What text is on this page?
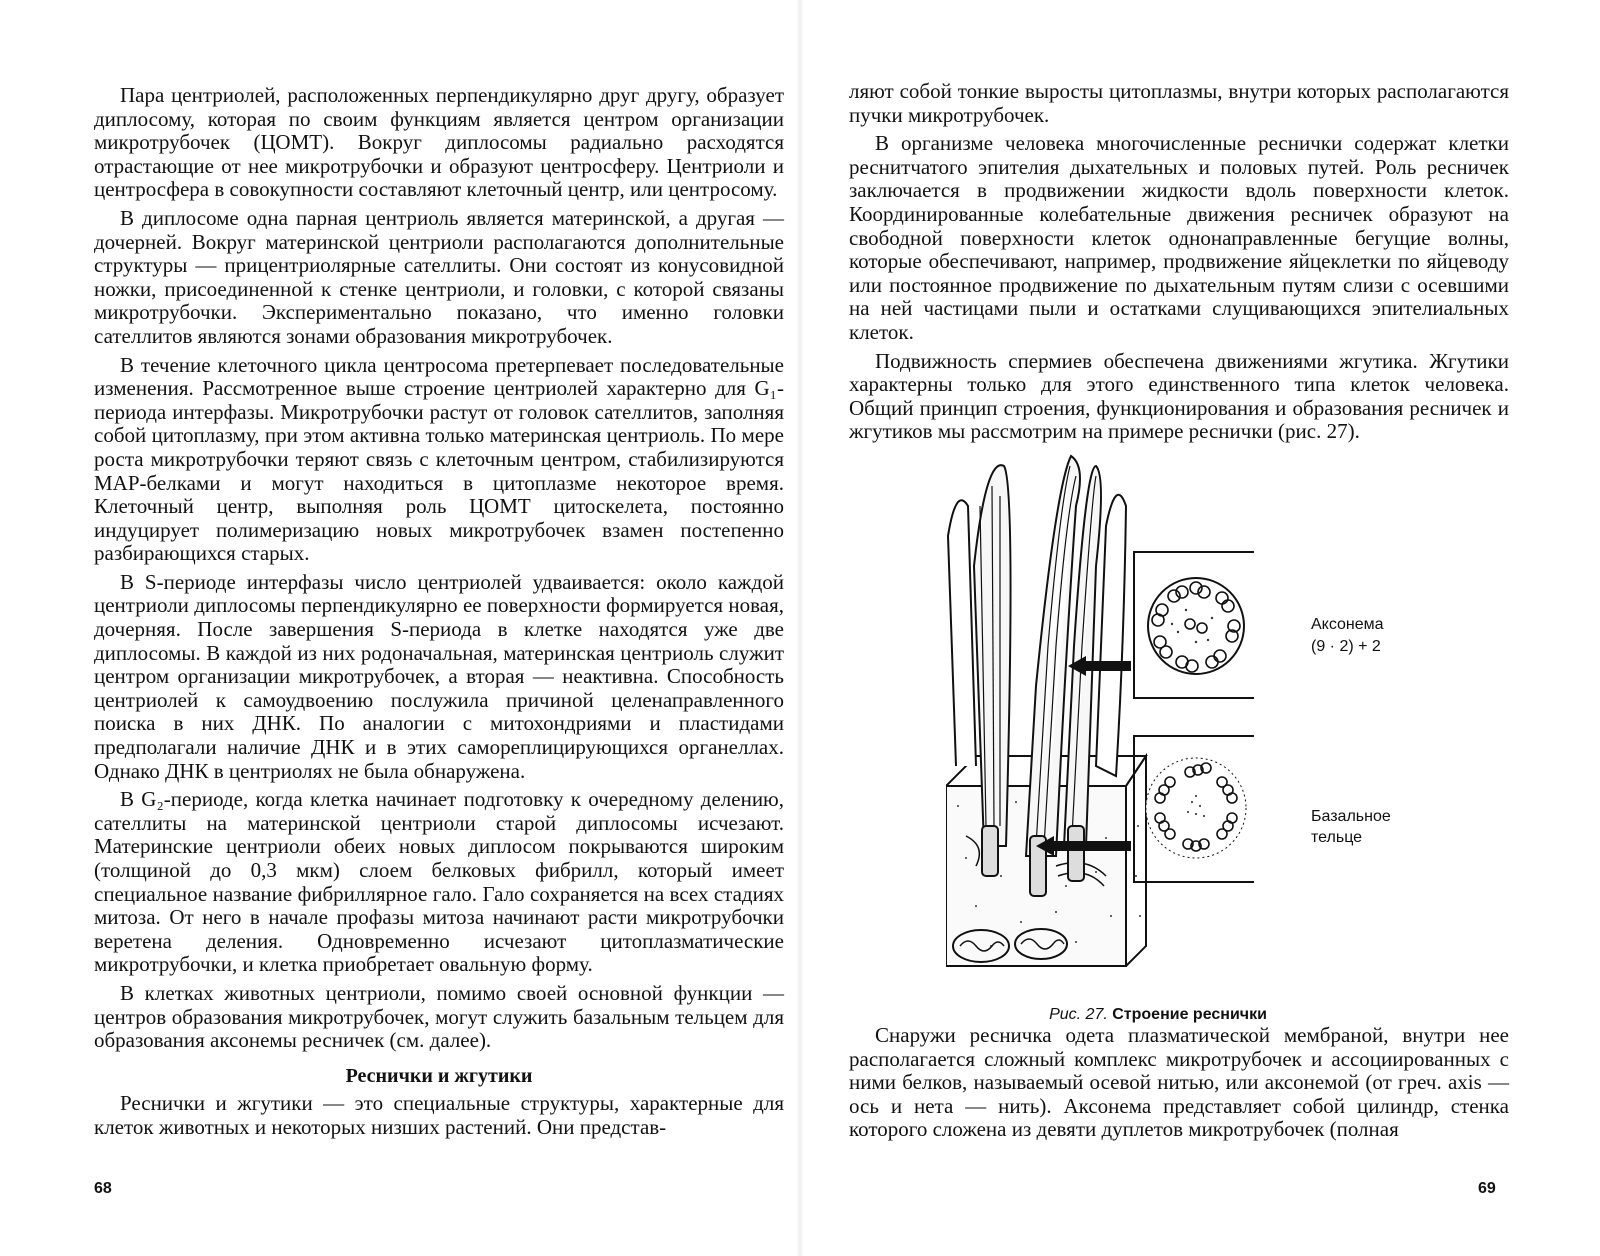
Пара центриолей, расположенных перпендикулярно друг другу, образует диплосому, которая по своим функциям является центром организации микротрубочек (ЦОМТ). Вокруг диплосомы радиально расходятся отрастающие от нее микротрубочки и образуют центросферу. Центриоли и центросфера в совокупности составляют клеточный центр, или центросому.

В диплосоме одна парная центриоль является материнской, а другая — дочерней. Вокруг материнской центриоли располагаются дополнительные структуры — прицентриолярные сателлиты. Они состоят из конусовидной ножки, присоединенной к стенке центриоли, и головки, с которой связаны микротрубочки. Экспериментально показано, что именно головки сателлитов являются зонами образования микротрубочек.

В течение клеточного цикла центросома претерпевает последовательные изменения. Рассмотренное выше строение центриолей характерно для G₁-периода интерфазы. Микротрубочки растут от головок сателлитов, заполняя собой цитоплазму, при этом активна только материнская центриоль. По мере роста микротрубочки теряют связь с клеточным центром, стабилизируются МАР-белками и могут находиться в цитоплазме некоторое время. Клеточный центр, выполняя роль ЦОМТ цитоскелета, постоянно индуцирует полимеризацию новых микротрубочек взамен постепенно разбирающихся старых.

В S-периоде интерфазы число центриолей удваивается: около каждой центриоли диплосомы перпендикулярно ее поверхности формируется новая, дочерняя. После завершения S-периода в клетке находятся уже две диплосомы. В каждой из них родоначальная, материнская центриоль служит центром организации микротрубочек, а вторая — неактивна. Способность центриолей к самоудвоению послужила причиной целенаправленного поиска в них ДНК. По аналогии с митохондриями и пластидами предполагали наличие ДНК и в этих самореплицирующихся органеллах. Однако ДНК в центриолях не была обнаружена.

В G₂-периоде, когда клетка начинает подготовку к очередному делению, сателлиты на материнской центриоли старой диплосомы исчезают. Материнские центриоли обеих новых диплосом покрываются широким (толщиной до 0,3 мкм) слоем белковых фибрилл, который имеет специальное название фибриллярное гало. Гало сохраняется на всех стадиях митоза. От него в начале профазы митоза начинают расти микротрубочки веретена деления. Одновременно исчезают цитоплазматические микротрубочки, и клетка приобретает овальную форму.

В клетках животных центриоли, помимо своей основной функции — центров образования микротрубочек, могут служить базальным тельцем для образования аксонемы ресничек (см. далее).

Реснички и жгутики

Реснички и жгутики — это специальные структуры, характерные для клеток животных и некоторых низших растений. Они представ-

68

ляют собой тонкие выросты цитоплазмы, внутри которых располагаются пучки микротрубочек.

В организме человека многочисленные реснички содержат клетки реснитчатого эпителия дыхательных и половых путей. Роль ресничек заключается в продвижении жидкости вдоль поверхности клеток. Координированные колебательные движения ресничек образуют на свободной поверхности клеток однонаправленные бегущие волны, которые обеспечивают, например, продвижение яйцеклетки по яйцеводу или постоянное продвижение по дыхательным путям слизи с осевшими на ней частицами пыли и остатками слущивающихся эпителиальных клеток.

Подвижность спермиев обеспечена движениями жгутика. Жгутики характерны только для этого единственного типа клеток человека. Общий принцип строения, функционирования и образования ресничек и жгутиков мы рассмотрим на примере реснички (рис. 27).

Снаружи ресничка одета плазматической мембраной, внутри нее располагается сложный комплекс микротрубочек и ассоциированных с ними белков, называемый осевой нитью, или аксонемой (от греч. axis — ось и нета — нить). Аксонема представляет собой цилиндр, стенка которого сложена из девяти дуплетов микротрубочек (полная

69
Аксонема
(9 · 2) + 2
Базальное
тельце
Рис. 27. Строение реснички
